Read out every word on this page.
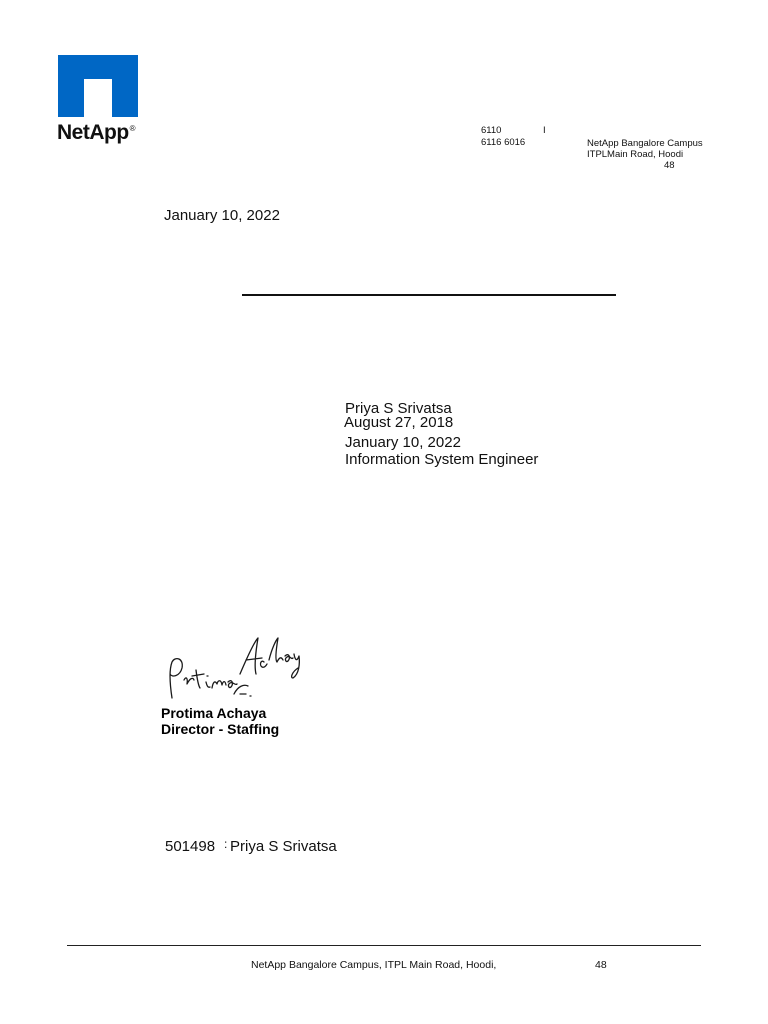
NetApp®	6110	I
6116 6016	NetApp Bangalore Campus
ITPLMain Road, Hoodi
48
January 10, 2022
Priya S Srivatsa
August 27, 2018
January 10, 2022
Information System Engineer
Protima Achaya
Director - Staffing
501498 : Priya S Srivatsa
NetApp Bangalore Campus, ITPL Main Road, Hoodi,	48
